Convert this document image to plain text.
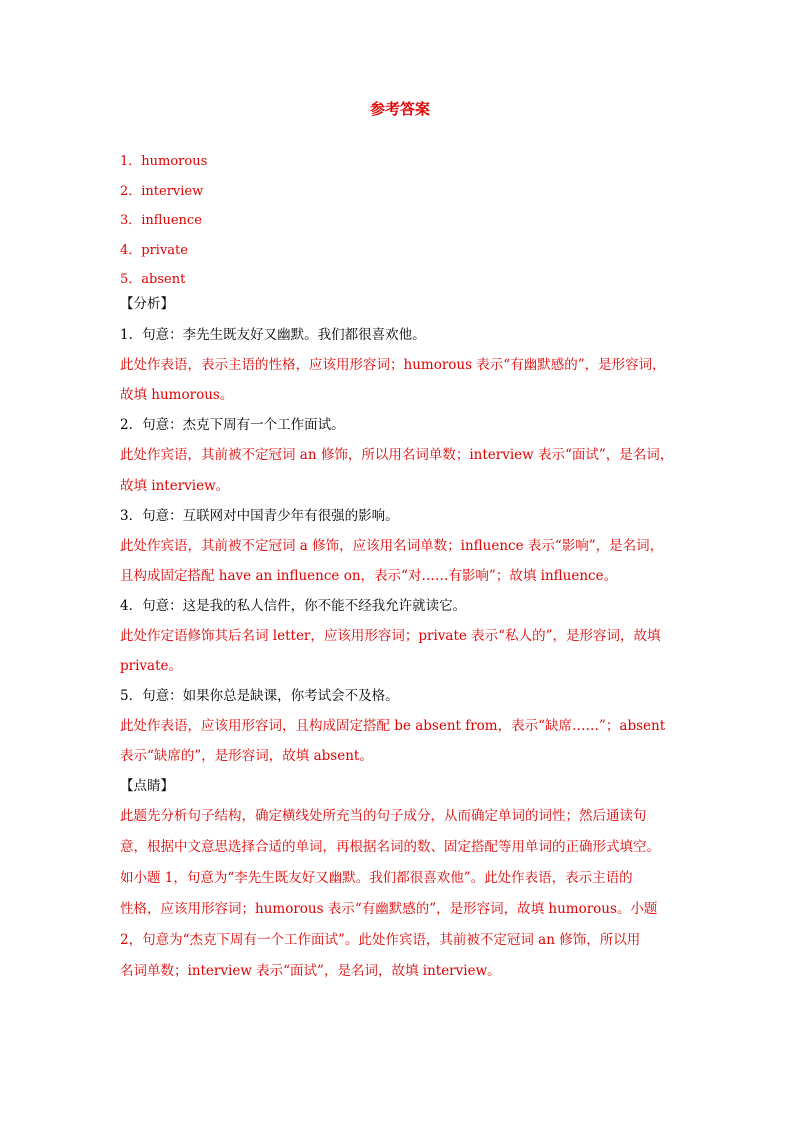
参考答案
1．humorous
2．interview
3．influence
4．private
5．absent
【分析】
1．句意：李先生既友好又幽默。我们都很喜欢他。
此处作表语，表示主语的性格，应该用形容词；humorous 表示“有幽默感的”，是形容词，
故填 humorous。
2．句意：杰克下周有一个工作面试。
此处作宾语，其前被不定冠词 an 修饰，所以用名词单数；interview 表示“面试”，是名词，
故填 interview。
3．句意：互联网对中国青少年有很强的影响。
此处作宾语，其前被不定冠词 a 修饰，应该用名词单数；influence 表示“影响”，是名词，
且构成固定搭配 have an influence on，表示“对……有影响”；故填 influence。
4．句意：这是我的私人信件，你不能不经我允许就读它。
此处作定语修饰其后名词 letter，应该用形容词；private 表示“私人的”，是形容词，故填
private。
5．句意：如果你总是缺课，你考试会不及格。
此处作表语，应该用形容词，且构成固定搭配 be absent from，表示“缺席……”；absent
表示“缺席的”，是形容词，故填 absent。
【点睛】
此题先分析句子结构，确定横线处所充当的句子成分，从而确定单词的词性；然后通读句
意，根据中文意思选择合适的单词，再根据名词的数、固定搭配等用单词的正确形式填空。
如小题 1，句意为“李先生既友好又幽默。我们都很喜欢他”。此处作表语，表示主语的
性格，应该用形容词；humorous 表示“有幽默感的”，是形容词，故填 humorous。小题
2，句意为“杰克下周有一个工作面试”。此处作宾语，其前被不定冠词 an 修饰，所以用
名词单数；interview 表示“面试”，是名词，故填 interview。
